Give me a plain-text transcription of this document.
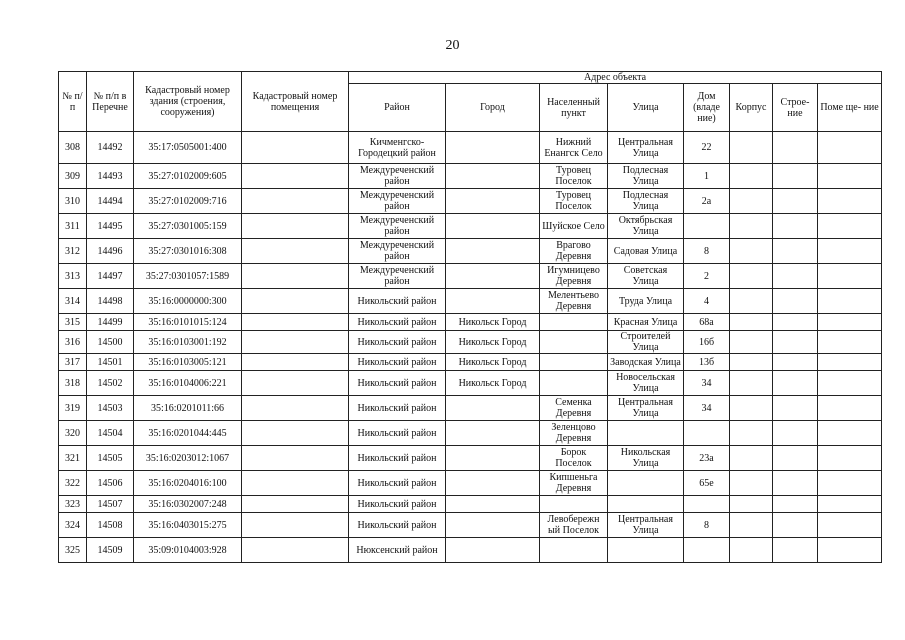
20
№ п/п	№ п/п в Перечне	Кадастровый номер здания (строения, сооружения)	Кадастровый номер помещения	Адрес объекта							
				Район	Город	Населенный пункт	Улица	Дом (владе ние)	Корпус	Строе- ние	Поме ще- ние
308	14492	35:17:0505001:400		Кичменгско-Городецкий район		Нижний Енангск Село	Центральная Улица	22			
309	14493	35:27:0102009:605		Междуреченский район		Туровец Поселок	Подлесная Улица	1			
310	14494	35:27:0102009:716		Междуреченский район		Туровец Поселок	Подлесная Улица	2а			
311	14495	35:27:0301005:159		Междуреченский район		Шуйское Село	Октябрьская Улица				
312	14496	35:27:0301016:308		Междуреченский район		Врагово Деревня	Садовая Улица	8			
313	14497	35:27:0301057:1589		Междуреченский район		Игумницево Деревня	Советская Улица	2			
314	14498	35:16:0000000:300		Никольский район		Мелентьево Деревня	Труда Улица	4			
315	14499	35:16:0101015:124		Никольский район	Никольск Город		Красная Улица	68а			
316	14500	35:16:0103001:192		Никольский район	Никольск Город		Строителей Улица	16б			
317	14501	35:16:0103005:121		Никольский район	Никольск Город		Заводская Улица	13б			
318	14502	35:16:0104006:221		Никольский район	Никольск Город		Новосельская Улица	34			
319	14503	35:16:0201011:66		Никольский район		Семенка Деревня	Центральная Улица	34			
320	14504	35:16:0201044:445		Никольский район		Зеленцово Деревня					
321	14505	35:16:0203012:1067		Никольский район		Борок Поселок	Никольская Улица	23а			
322	14506	35:16:0204016:100		Никольский район		Кипшеньга Деревня		65е			
323	14507	35:16:0302007:248		Никольский район							
324	14508	35:16:0403015:275		Никольский район		Левобережн ый Поселок	Центральная Улица	8			
325	14509	35:09:0104003:928		Нюксенский район							
